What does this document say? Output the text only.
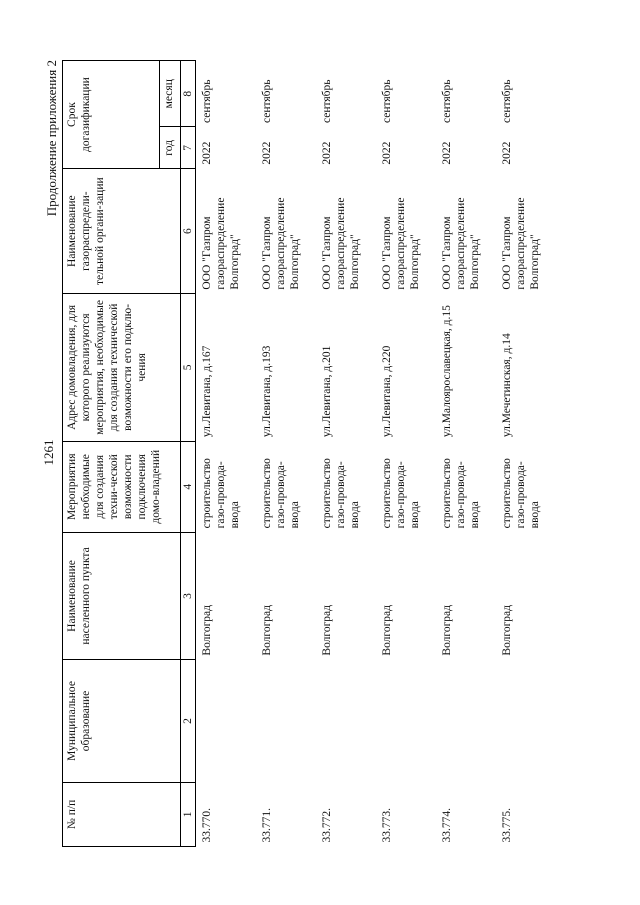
1261
Продолжение приложения 2
№ п/п	Муниципальное образование	Наименование населенного пункта	Мероприятия необходимые для создания техни-ческой возможности подключения домо-владений	Адрес домовладения, для которого реализуются мероприятия, необходимые для создания технической возможности его подклю-чения	Наименование газораспредели-тельной органи-зации	Срок догазификации	
						год	месяц
1	2	3	4	5	6	7	8
33.770.		Волгоград	строительство газо-провода-ввода	ул.Левитана, д.167	ООО "Газпром газораспределение Волгоград"	2022	сентябрь
33.771.		Волгоград	строительство газо-провода-ввода	ул.Левитана, д.193	ООО "Газпром газораспределение Волгоград"	2022	сентябрь
33.772.		Волгоград	строительство газо-провода-ввода	ул.Левитана, д.201	ООО "Газпром газораспределение Волгоград"	2022	сентябрь
33.773.		Волгоград	строительство газо-провода-ввода	ул.Левитана, д.220	ООО "Газпром газораспределение Волгоград"	2022	сентябрь
33.774.		Волгоград	строительство газо-провода-ввода	ул.Малоярославецкая, д.15	ООО "Газпром газораспределение Волгоград"	2022	сентябрь
33.775.		Волгоград	строительство газо-провода-ввода	ул.Мечетинская, д.14	ООО "Газпром газораспределение Волгоград"	2022	сентябрь
